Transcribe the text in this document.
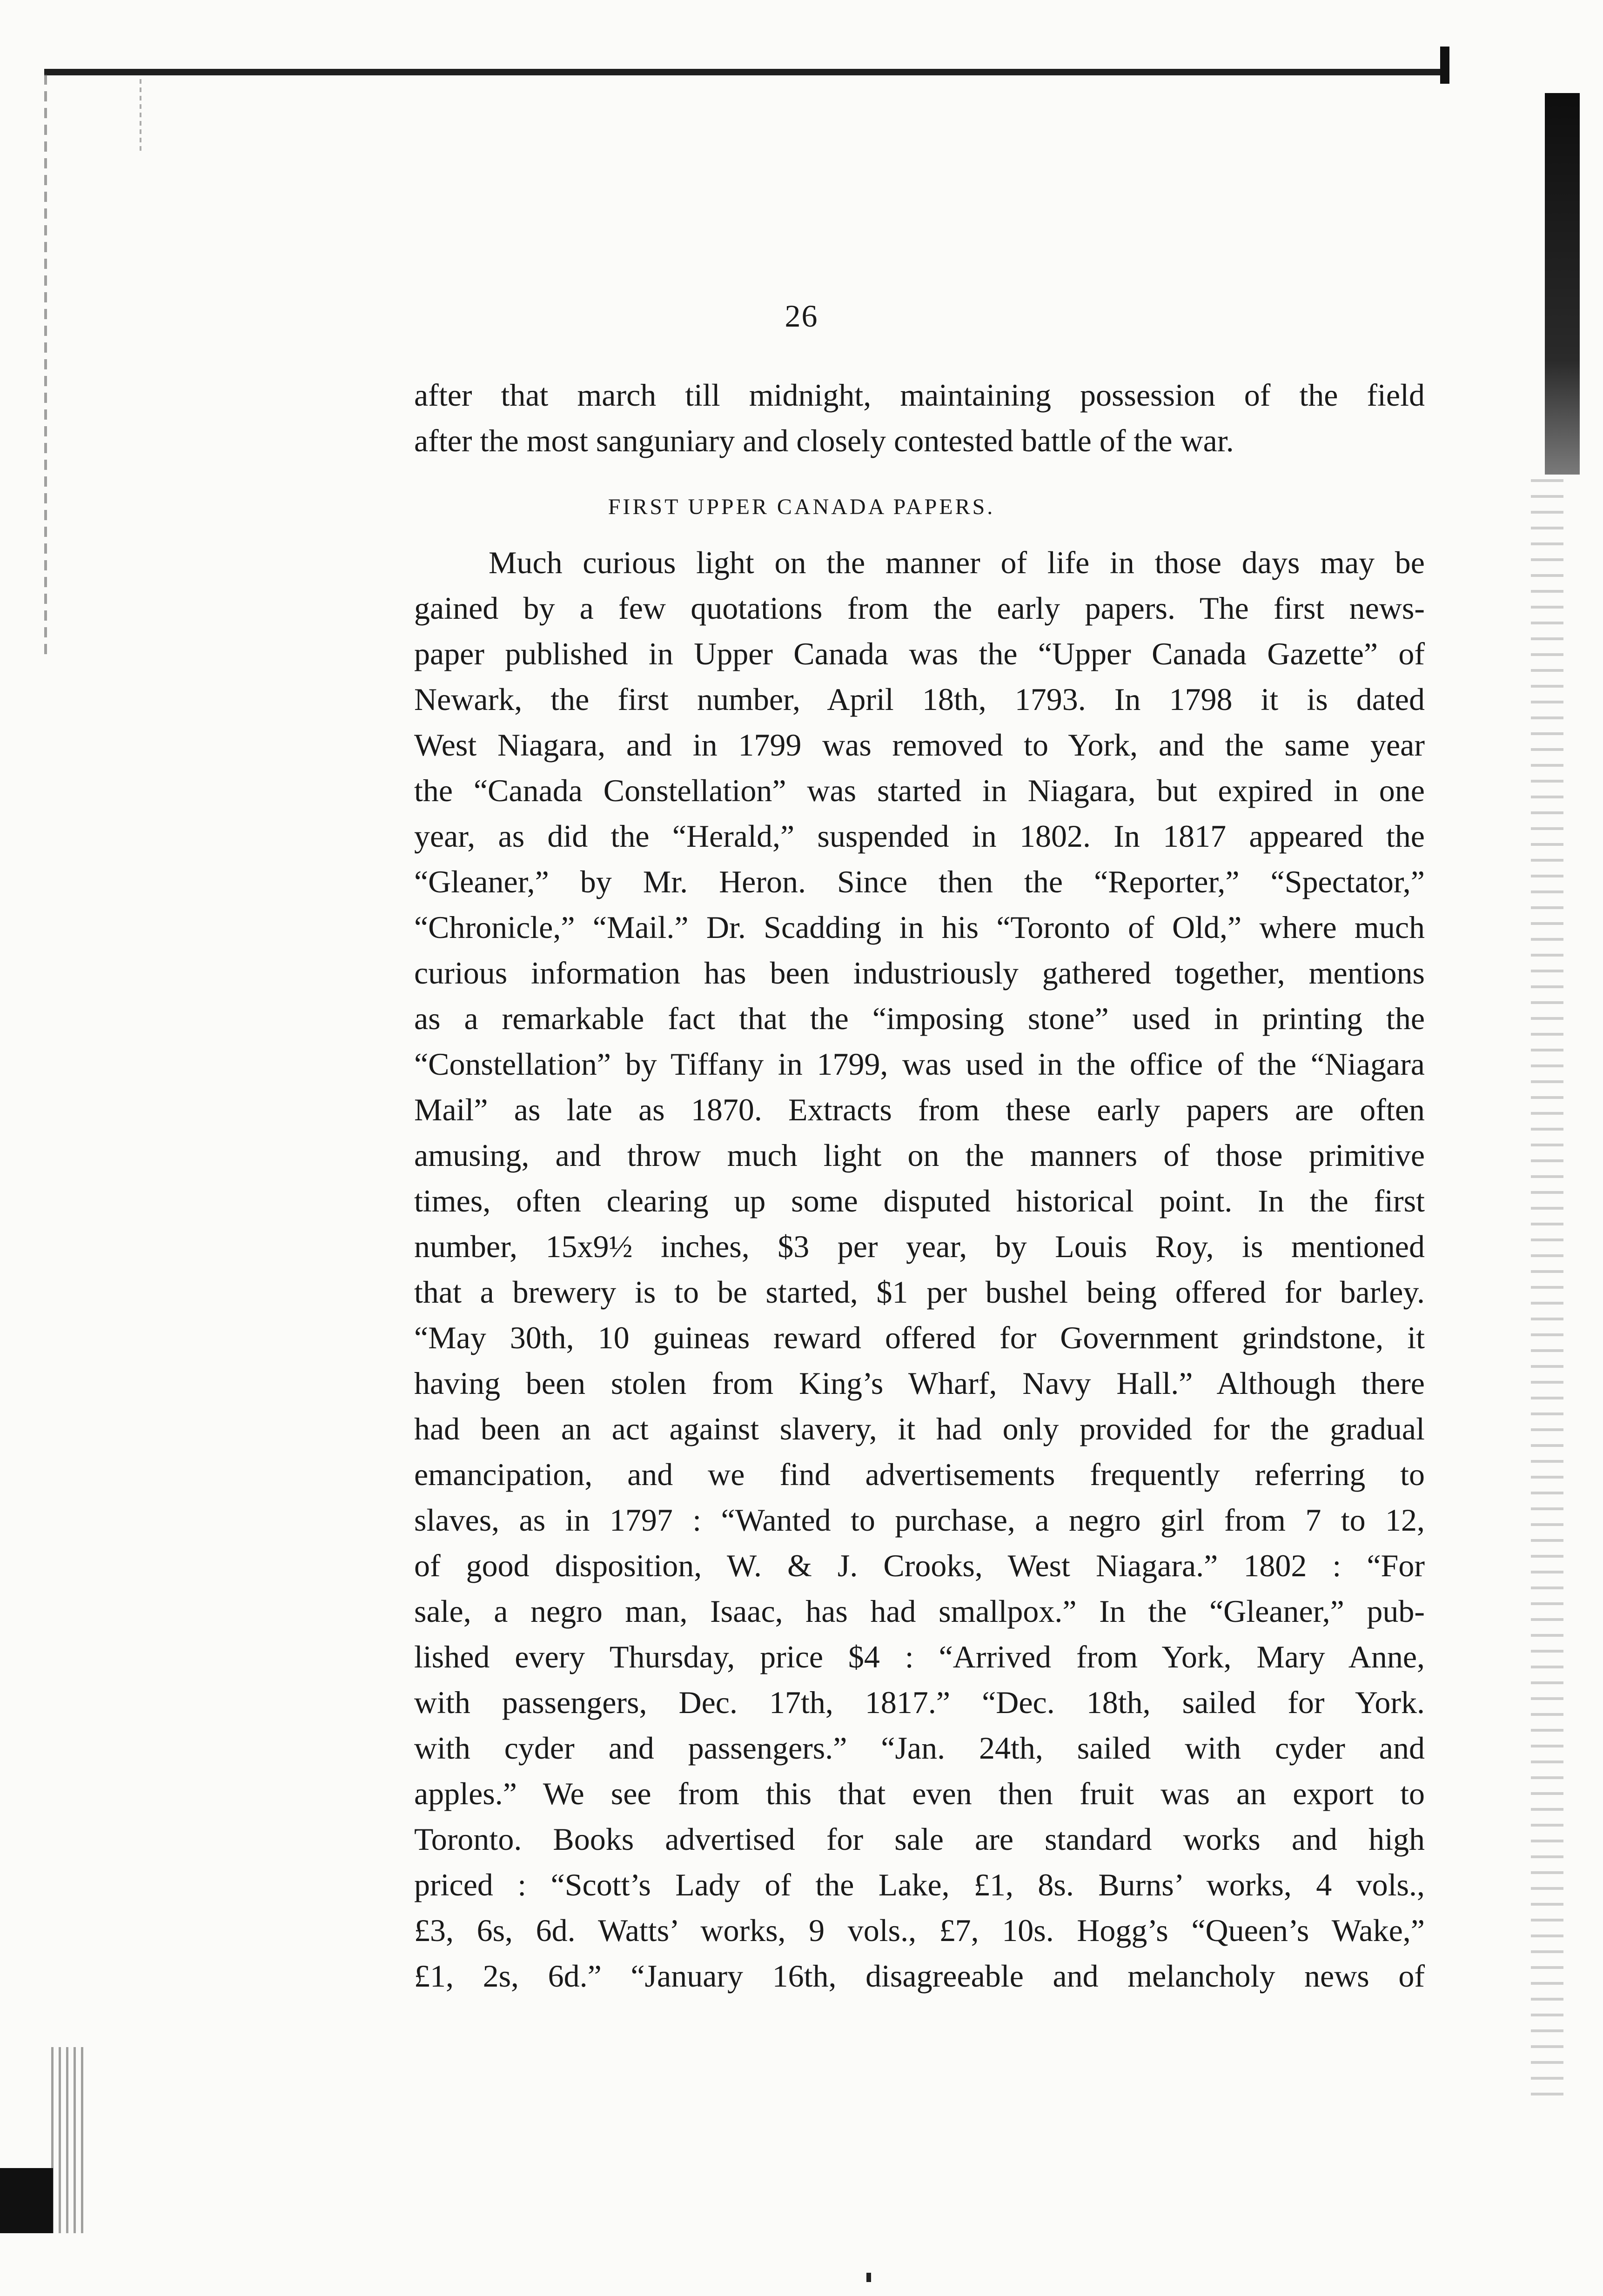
26
after that march till midnight, maintaining possession of the field
after the most sanguniary and closely contested battle of the war.
FIRST UPPER CANADA PAPERS.
Much curious light on the manner of life in those days may be
gained by a few quotations from the early papers. The first news-
paper published in Upper Canada was the “Upper Canada Gazette” of
Newark, the first number, April 18th, 1793. In 1798 it is dated
West Niagara, and in 1799 was removed to York, and the same year
the “Canada Constellation” was started in Niagara, but expired in one
year, as did the “Herald,” suspended in 1802. In 1817 appeared the
“Gleaner,” by Mr. Heron. Since then the “Reporter,” “Spectator,”
“Chronicle,” “Mail.” Dr. Scadding in his “Toronto of Old,” where much
curious information has been industriously gathered together, mentions
as a remarkable fact that the “imposing stone” used in printing the
“Constellation” by Tiffany in 1799, was used in the office of the “Niagara
Mail” as late as 1870. Extracts from these early papers are often
amusing, and throw much light on the manners of those primitive
times, often clearing up some disputed historical point. In the first
number, 15x9½ inches, $3 per year, by Louis Roy, is mentioned
that a brewery is to be started, $1 per bushel being offered for barley.
“May 30th, 10 guineas reward offered for Government grindstone, it
having been stolen from King’s Wharf, Navy Hall.” Although there
had been an act against slavery, it had only provided for the gradual
emancipation, and we find advertisements frequently referring to
slaves, as in 1797 : “Wanted to purchase, a negro girl from 7 to 12,
of good disposition, W. & J. Crooks, West Niagara.” 1802 : “For
sale, a negro man, Isaac, has had smallpox.” In the “Gleaner,” pub-
lished every Thursday, price $4 : “Arrived from York, Mary Anne,
with passengers, Dec. 17th, 1817.” “Dec. 18th, sailed for York.
with cyder and passengers.” “Jan. 24th, sailed with cyder and
apples.” We see from this that even then fruit was an export to
Toronto. Books advertised for sale are standard works and high
priced : “Scott’s Lady of the Lake, £1, 8s. Burns’ works, 4 vols.,
£3, 6s, 6d. Watts’ works, 9 vols., £7, 10s. Hogg’s “Queen’s Wake,”
£1, 2s, 6d.” “January 16th, disagreeable and melancholy news of
